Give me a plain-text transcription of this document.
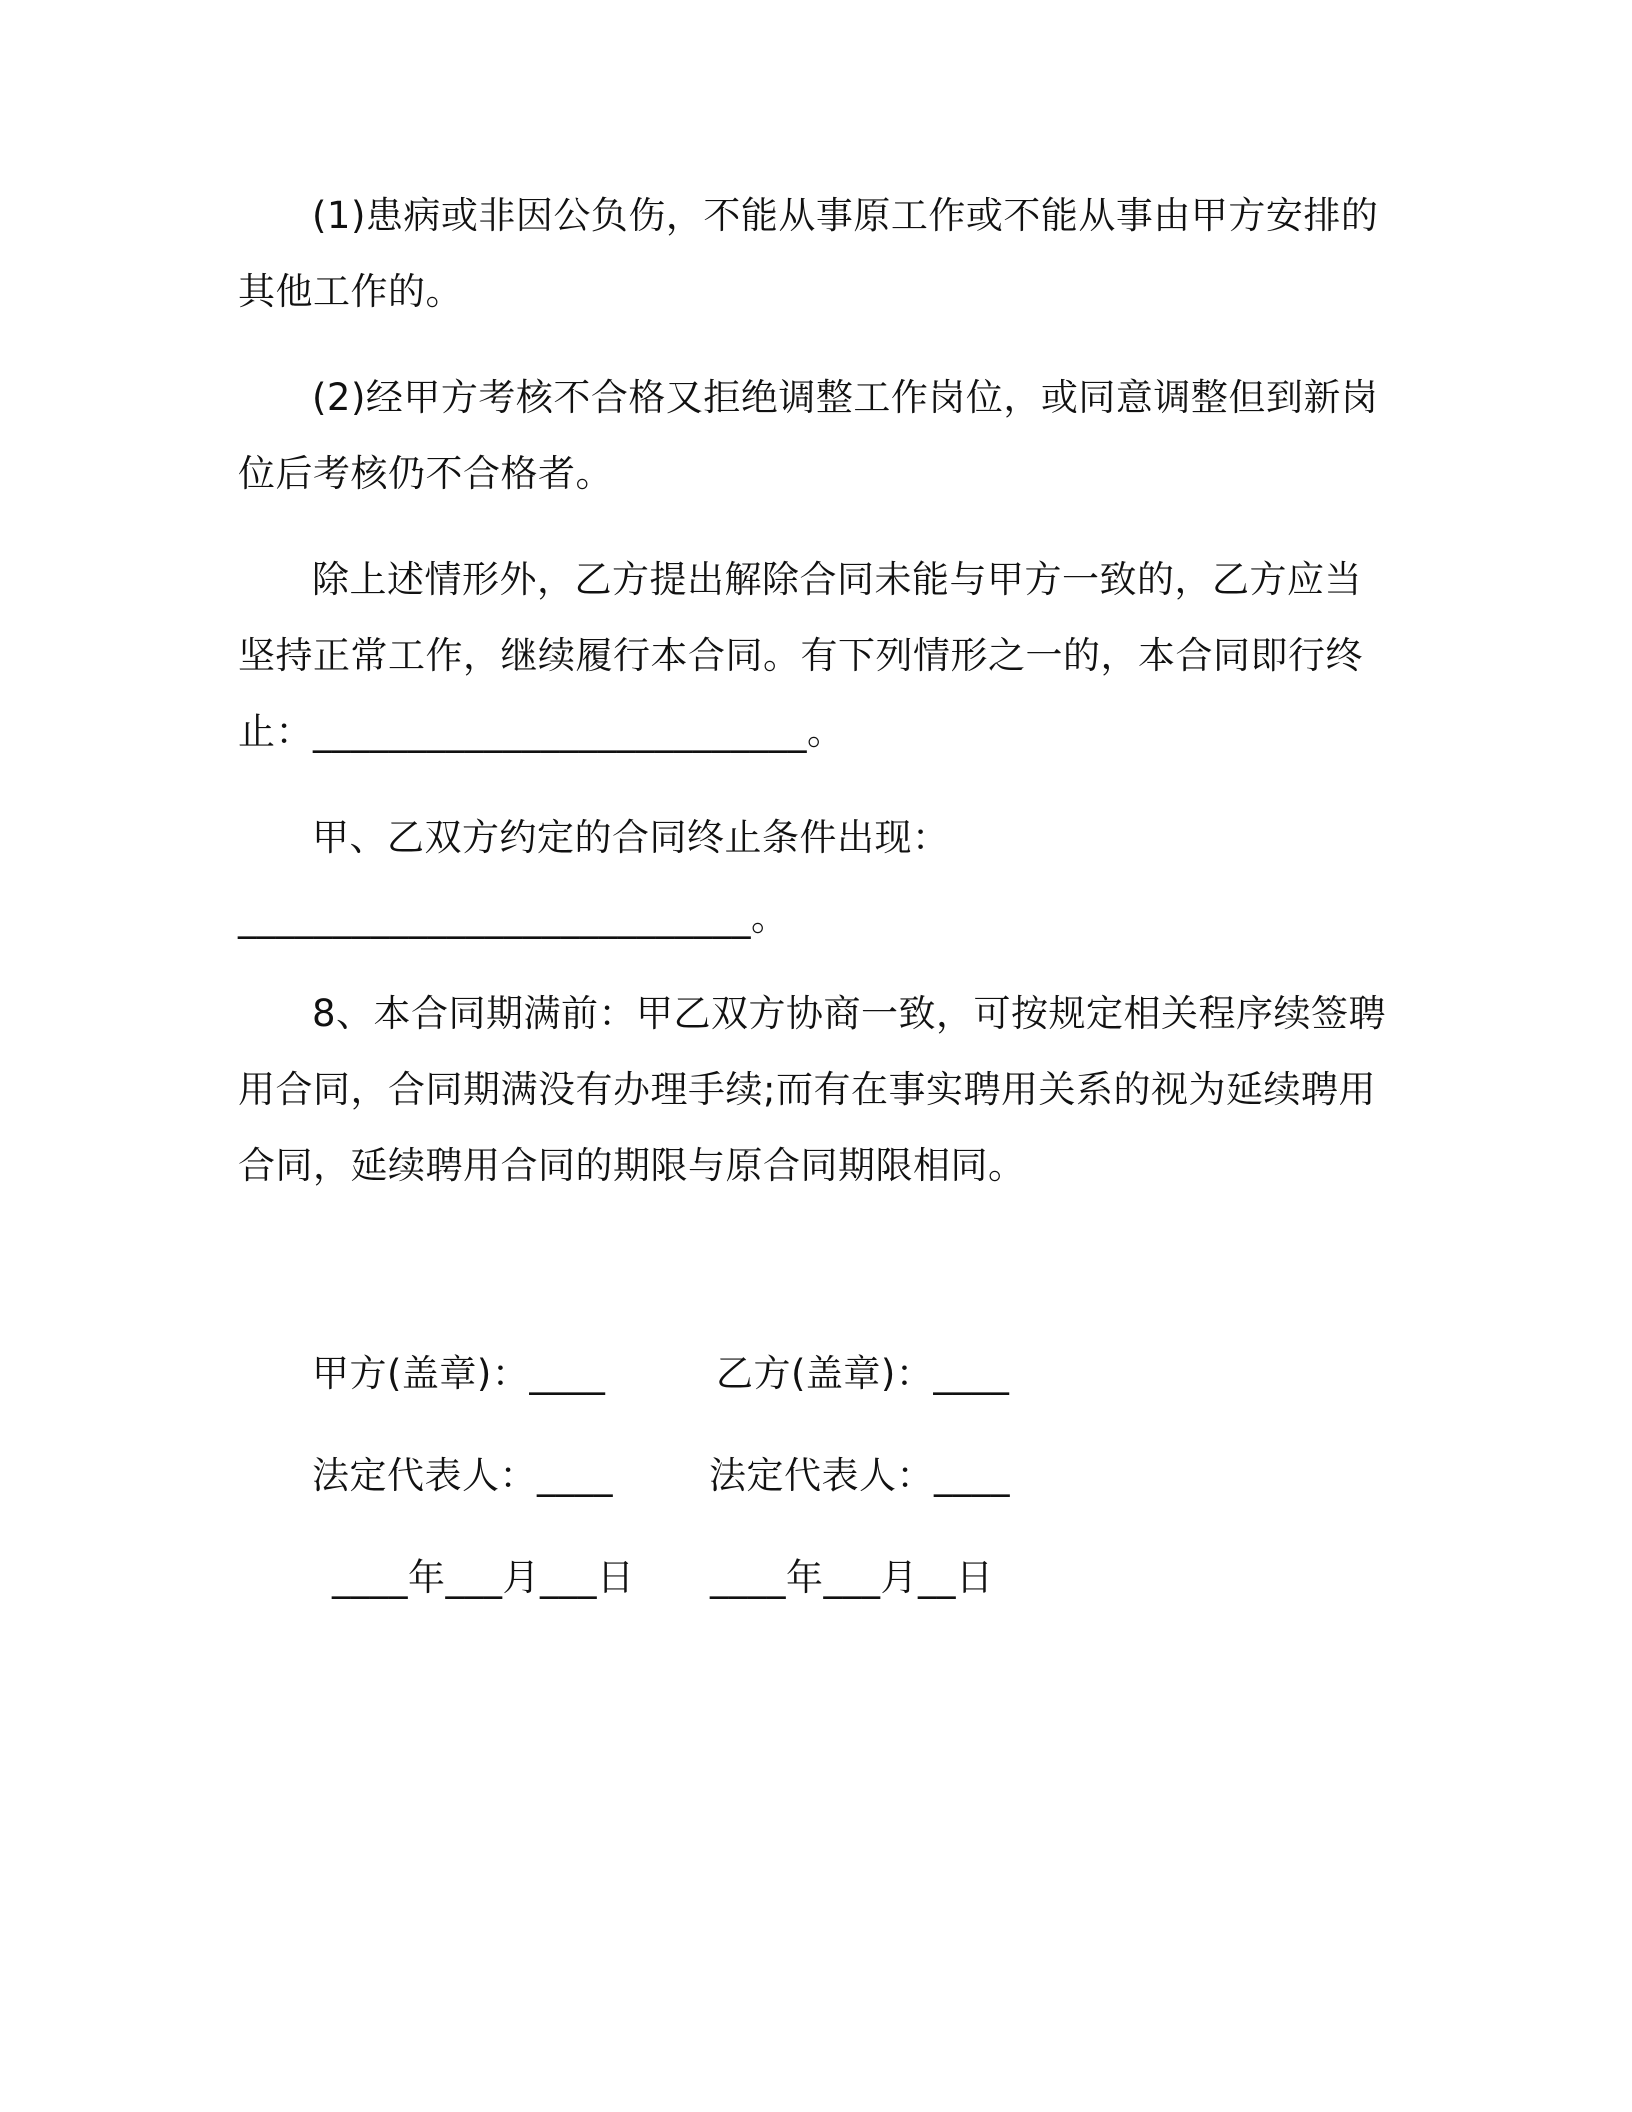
(1)患病或非因公负伤，不能从事原工作或不能从事由甲方安排的
其他工作的。
(2)经甲方考核不合格又拒绝调整工作岗位，或同意调整但到新岗
位后考核仍不合格者。
除上述情形外，乙方提出解除合同未能与甲方一致的，乙方应当
坚持正常工作，继续履行本合同。有下列情形之一的，本合同即行终
止：__________________________。
甲、乙双方约定的合同终止条件出现：
___________________________。
8、本合同期满前：甲乙双方协商一致，可按规定相关程序续签聘
用合同，合同期满没有办理手续;而有在事实聘用关系的视为延续聘用
合同，延续聘用合同的期限与原合同期限相同。
甲方(盖章)：____	乙方(盖章)：____
法定代表人：____	法定代表人：____
____年___月___日 ____年___月__日
